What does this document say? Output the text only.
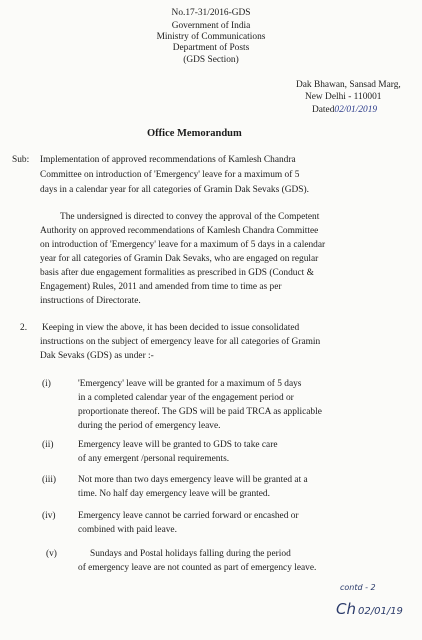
No.17-31/2016-GDS
Government of India
Ministry of Communications
Department of Posts
(GDS Section)
Dak Bhawan, Sansad Marg,
New Delhi - 110001
Dated02/01/2019
Office Memorandum
Sub: Implementation of approved recommendations of Kamlesh Chandra
Committee on introduction of 'Emergency' leave for a maximum of 5
days in a calendar year for all categories of Gramin Dak Sevaks (GDS).
The undersigned is directed to convey the approval of the Competent
Authority on approved recommendations of Kamlesh Chandra Committee
on introduction of 'Emergency' leave for a maximum of 5 days in a calendar
year for all categories of Gramin Dak Sevaks, who are engaged on regular
basis after due engagement formalities as prescribed in GDS (Conduct &
Engagement) Rules, 2011 and amended from time to time as per
instructions of Directorate.
2. Keeping in view the above, it has been decided to issue consolidated
instructions on the subject of emergency leave for all categories of Gramin
Dak Sevaks (GDS) as under :-
(i)	'Emergency' leave will be granted for a maximum of 5 days
in a completed calendar year of the engagement period or
proportionate thereof. The GDS will be paid TRCA as applicable
during the period of emergency leave.
(ii)	Emergency leave will be granted to GDS to take care
of any emergent /personal requirements.
(iii) Not more than two days emergency leave will be granted at a
time. No half day emergency leave will be granted.
(iv) Emergency leave cannot be carried forward or encashed or
combined with paid leave.
(v)	Sundays and Postal holidays falling during the period
of emergency leave are not counted as part of emergency leave.
contd - 2
Ch 02/01/19
